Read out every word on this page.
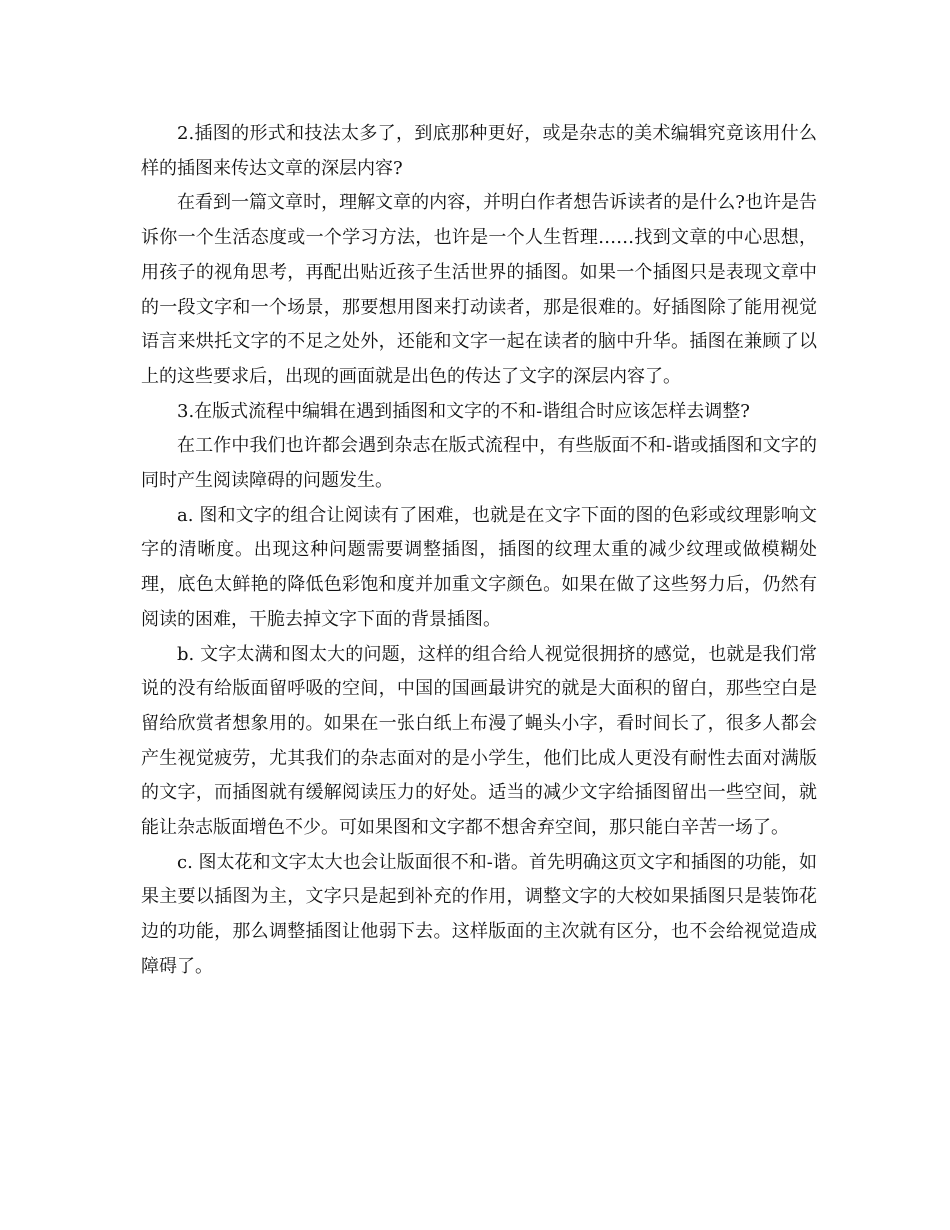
2.插图的形式和技法太多了，到底那种更好，或是杂志的美术编辑究竟该用什么样的插图来传达文章的深层内容?

在看到一篇文章时，理解文章的内容，并明白作者想告诉读者的是什么?也许是告诉你一个生活态度或一个学习方法，也许是一个人生哲理……找到文章的中心思想，用孩子的视角思考，再配出贴近孩子生活世界的插图。如果一个插图只是表现文章中的一段文字和一个场景，那要想用图来打动读者，那是很难的。好插图除了能用视觉语言来烘托文字的不足之处外，还能和文字一起在读者的脑中升华。插图在兼顾了以上的这些要求后，出现的画面就是出色的传达了文字的深层内容了。

3.在版式流程中编辑在遇到插图和文字的不和-谐组合时应该怎样去调整?

在工作中我们也许都会遇到杂志在版式流程中，有些版面不和-谐或插图和文字的同时产生阅读障碍的问题发生。

a. 图和文字的组合让阅读有了困难，也就是在文字下面的图的色彩或纹理影响文字的清晰度。出现这种问题需要调整插图，插图的纹理太重的减少纹理或做模糊处理，底色太鲜艳的降低色彩饱和度并加重文字颜色。如果在做了这些努力后，仍然有阅读的困难，干脆去掉文字下面的背景插图。

b. 文字太满和图太大的问题，这样的组合给人视觉很拥挤的感觉，也就是我们常说的没有给版面留呼吸的空间，中国的国画最讲究的就是大面积的留白，那些空白是留给欣赏者想象用的。如果在一张白纸上布漫了蝇头小字，看时间长了，很多人都会产生视觉疲劳，尤其我们的杂志面对的是小学生，他们比成人更没有耐性去面对满版的文字，而插图就有缓解阅读压力的好处。适当的减少文字给插图留出一些空间，就能让杂志版面增色不少。可如果图和文字都不想舍弃空间，那只能白辛苦一场了。

c. 图太花和文字太大也会让版面很不和-谐。首先明确这页文字和插图的功能，如果主要以插图为主，文字只是起到补充的作用，调整文字的大校如果插图只是装饰花边的功能，那么调整插图让他弱下去。这样版面的主次就有区分，也不会给视觉造成障碍了。
